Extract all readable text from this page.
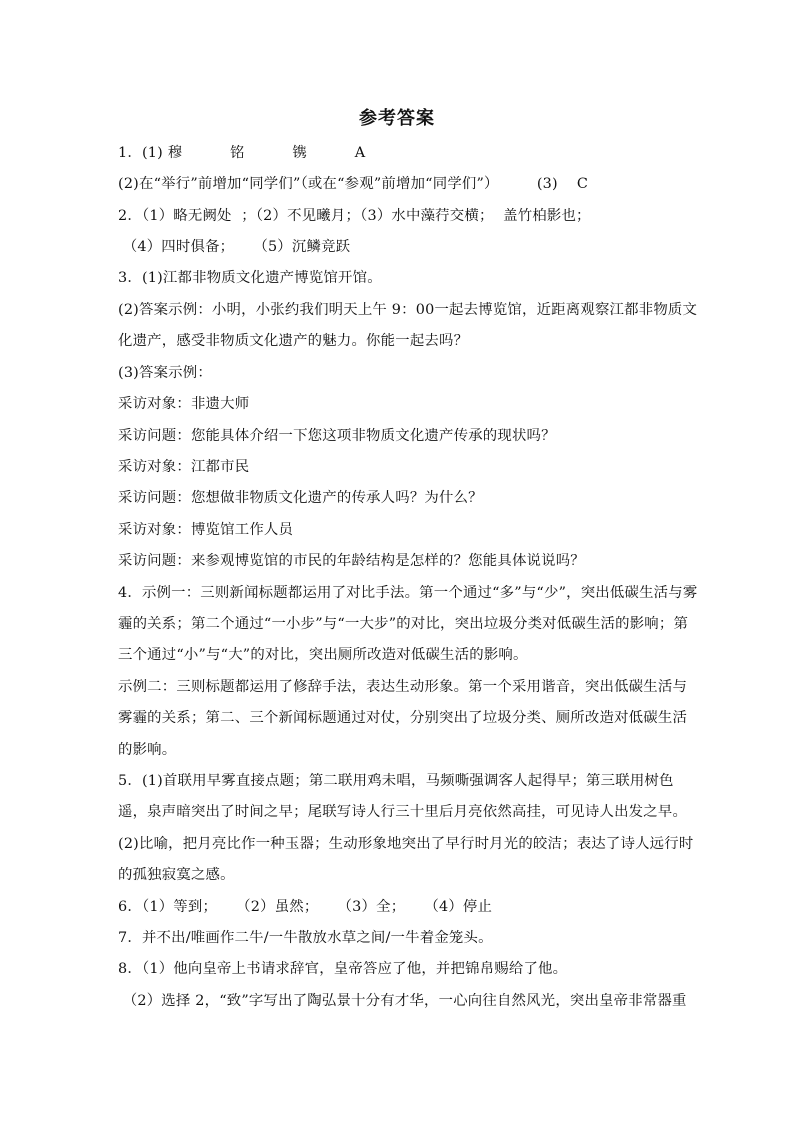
参考答案
1．(1) 穆          铭          镌          A
(2)在“举行”前增加“同学们”（或在“参观”前增加“同学们”）        (3)    C
2．（1）略无阙处  ；（2）不见曦月；（3）水中藻荇交横；  盖竹柏影也；
（4）四时俱备；    （5）沉鳞竞跃
3．(1)江都非物质文化遗产博览馆开馆。
(2)答案示例：小明，小张约我们明天上午 9：00一起去博览馆，近距离观察江都非物质文
化遗产，感受非物质文化遗产的魅力。你能一起去吗？
(3)答案示例：
采访对象：非遗大师
采访问题：您能具体介绍一下您这项非物质文化遗产传承的现状吗？
采访对象：江都市民
采访问题：您想做非物质文化遗产的传承人吗？为什么？
采访对象：博览馆工作人员
采访问题：来参观博览馆的市民的年龄结构是怎样的？您能具体说说吗？
4．示例一：三则新闻标题都运用了对比手法。第一个通过“多”与“少”，突出低碳生活与雾
霾的关系；第二个通过“一小步”与“一大步”的对比，突出垃圾分类对低碳生活的影响；第
三个通过“小”与“大”的对比，突出厕所改造对低碳生活的影响。
示例二：三则标题都运用了修辞手法，表达生动形象。第一个采用谐音，突出低碳生活与
雾霾的关系；第二、三个新闻标题通过对仗，分别突出了垃圾分类、厕所改造对低碳生活
的影响。
5．(1)首联用早雾直接点题；第二联用鸡未唱，马频嘶强调客人起得早；第三联用树色
遥，泉声暗突出了时间之早；尾联写诗人行三十里后月亮依然高挂，可见诗人出发之早。
(2)比喻，把月亮比作一种玉器；生动形象地突出了早行时月光的皎洁；表达了诗人远行时
的孤独寂寞之感。
6．（1）等到；    （2）虽然；    （3）全；    （4）停止
7．并不出/唯画作二牛/一牛散放水草之间/一牛着金笼头。
8．（1）他向皇帝上书请求辞官，皇帝答应了他，并把锦帛赐给了他。
（2）选择 2，“致”字写出了陶弘景十分有才华，一心向往自然风光，突出皇帝非常器重
